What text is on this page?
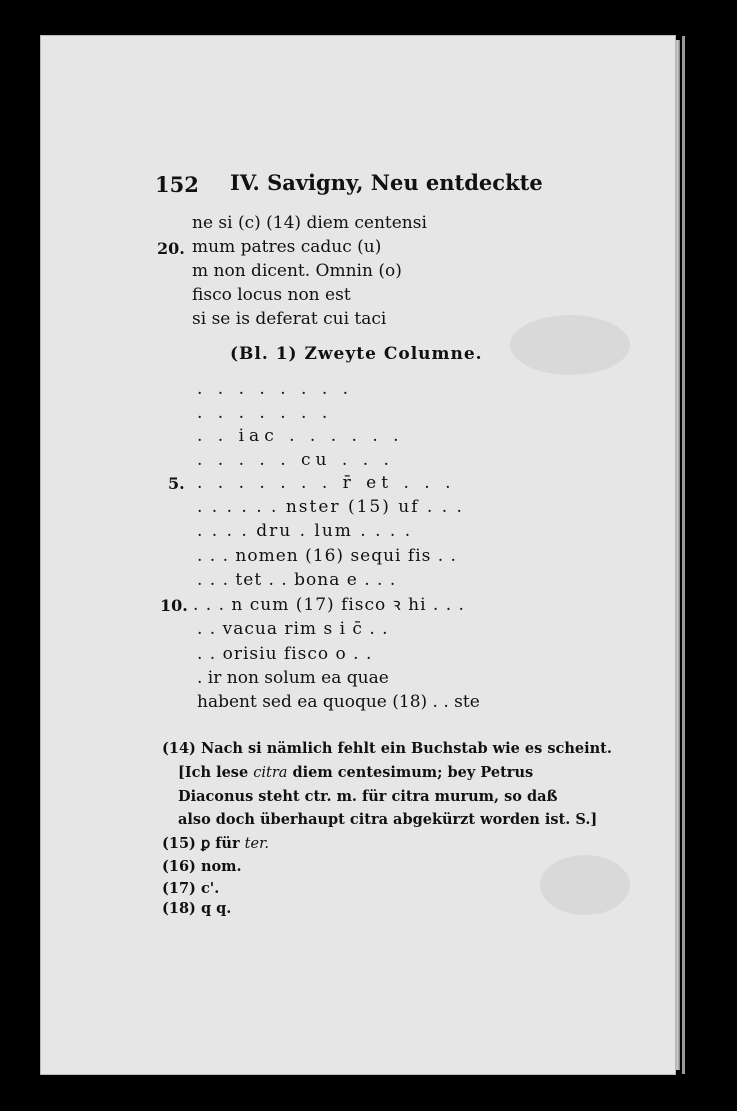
152 IV. Savigny, Neu entdeckte
20.
ne si (c) (14) diem centensi
mum patres caduc (u)
m non dicent. Omnin (o)
fisco locus non est
si se is deferat cui taci
(Bl. 1) Zweyte Columne.
. . . . . . . .
. . . . . . .
. . iac . . . . . .
. . . . . cu . . .
5. . . . . . . . r̄ et . . .
. . . . . . nster (15) uf . . .
. . . . dru . lum . . . .
. . . nomen (16) sequi fis . .
. . . tet . . bona e . . .
10. . . . n cum (17) fisco ꝛ hi . . .
. . vacua rim s i c̄ . .
. . orisiu fisco o . .
. ir non solum ea quae
habent sed ea quoque (18) . . ste
(14) Nach si nämlich fehlt ein Buchstab wie es scheint.
[Ich lese citra diem centesimum; bey Petrus
Diaconus steht ctr. m. für citra murum, so daß
also doch überhaupt citra abgekürzt worden ist. S.]
(15) ꝑ für ter.
(16) nom.
(17) c'.
(18) q q.
